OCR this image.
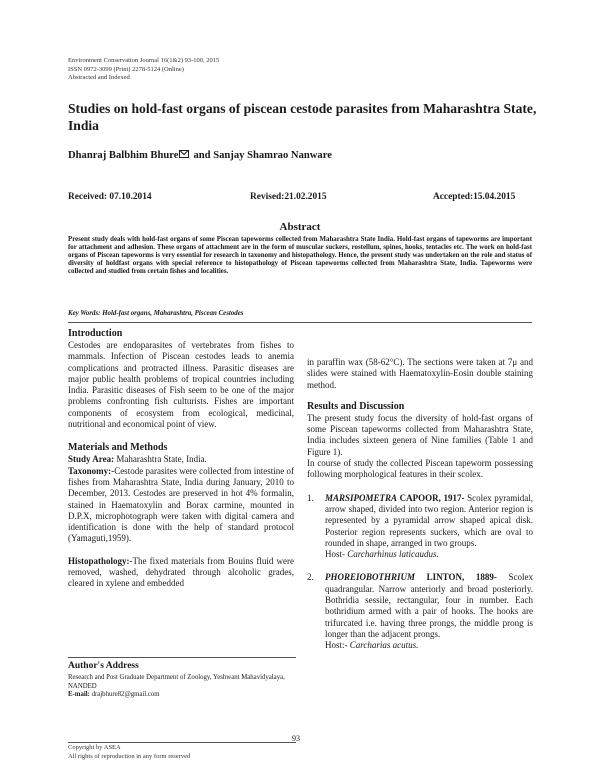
Environment Conservation Journal 16(1&2) 93-100, 2015
ISSN 0972-3099 (Print) 2278-5124 (Online)
Abstracted and Indexed
Studies on hold-fast organs of piscean cestode parasites from Maharashtra State, India
Dhanraj Balbhim Bhure and Sanjay Shamrao Nanware
Received: 07.10.2014	Revised:21.02.2015	Accepted:15.04.2015
Abstract
Present study deals with hold-fast organs of some Piscean tapeworms collected from Maharashtra State India. Hold-fast organs of tapeworms are important for attachment and adhesion. These organs of attachment are in the form of muscular suckers, rostellum, spines, hooks, tentacles etc. The work on hold-fast organs of Piscean tapeworms is very essential for research in taxonomy and histopathology. Hence, the present study was undertaken on the role and status of diversity of holdfast organs with special reference to histopathology of Piscean tapeworms collected from Maharashtra State, India. Tapeworms were collected and studied from certain fishes and localities.
Key Words: Hold-fast organs, Maharashtra, Piscean Cestodes
Introduction

Cestodes are endoparasites of vertebrates from fishes to mammals. Infection of Piscean cestodes leads to anemia complications and protracted illness. Parasitic diseases are major public health problems of tropical countries including India. Parasitic diseases of Fish seem to be one of the major problems confronting fish culturists. Fishes are important components of ecosystem from ecological, medicinal, nutritional and economical point of view.

Materials and Methods

Study Area: Maharashtra State, India.

Taxonomy:-Cestode parasites were collected from intestine of fishes from Maharashtra State, India during January, 2010 to December, 2013. Cestodes are preserved in hot 4% formalin, stained in Haematoxylin and Borax carmine, mounted in D.P.X, microphotograph were taken with digital camera and identification is done with the help of standard protocol (Yamaguti,1959).

Histopathology:-The fixed materials from Bouins fluid were removed, washed, dehydrated through alcoholic grades, cleared in xylene and embedded

in paraffin wax (58-62°C). The sections were taken at 7μ and slides were stained with Haematoxylin-Eosin double staining method.

Results and Discussion

The present study focus the diversity of hold-fast organs of some Piscean tapeworms collected from Maharashtra State, India includes sixteen genera of Nine families (Table 1 and Figure 1).

In course of study the collected Piscean tapeworm possessing following morphological features in their scolex.

1. MARSIPOMETRA CAPOOR, 1917- Scolex pyramidal, arrow shaped, divided into two region. Anterior region is represented by a pyramidal arrow shaped apical disk. Posterior region represents suckers, which are oval to rounded in shape, arranged in two groups.

Host- Carcharhinus laticaudus.

2. PHOREIOBOTHRIUM LINTON, 1889- Scolex quadrangular. Narrow anteriorly and broad posteriorly. Bothridia sessile, rectangular, four in number. Each bothridium armed with a pair of hooks. The hooks are trifurcated i.e. having three prongs, the middle prong is longer than the adjacent prongs.

Host:- Carcharias acutus.

Author's Address
Research and Post Graduate Department of Zoology, Yeshwant Mahavidyalaya, NANDED
E-mail: drajbhure82@gmail.com
93
Copyright by ASEA
All rights of reproduction in any form reserved
